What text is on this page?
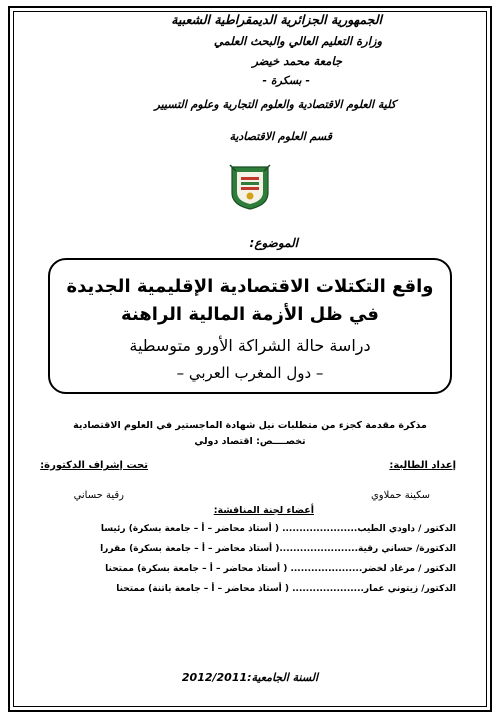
الجمهورية الجزائرية الديمقراطية الشعبية
وزارة التعليم العالي والبحث العلمي
جامعة محمد خيضر
- بسكرة -
كلية العلوم الاقتصادية والعلوم التجارية وعلوم التسيير
قسم العلوم الاقتصادية
الموضوع:
واقع التكتلات الاقتصادية الإقليمية الجديدة
في ظل الأزمة المالية الراهنة
دراسة حالة الشراكة الأورو متوسطية
– دول المغرب العربي –
مذكرة مقدمة كجزء من متطلبات نيل شهادة الماجستير في العلوم الاقتصادية
تخصــــص: اقتصاد دولي
إعداد الطالبة:
تحت إشراف الدكتورة:
سكينة حملاوي
رقية حساني
أعضاء لجنة المناقشة:
الدكتور / داودي الطيب...................... ( أستاذ محاضر – أ – جامعة بسكرة) رئيسا
الدكتورة/ حساني رقية.......................( أستاذ محاضر – أ – جامعة بسكرة) مقررا
الدكتور / مرغاد لخضر..................... ( أستاذ محاضر – أ – جامعة بسكرة) ممتحنا
الدكتور/ زيتوني عمار..................... ( أستاذ محاضر – أ – جامعة باتنة) ممتحنا
السنة الجامعية:2012/2011
